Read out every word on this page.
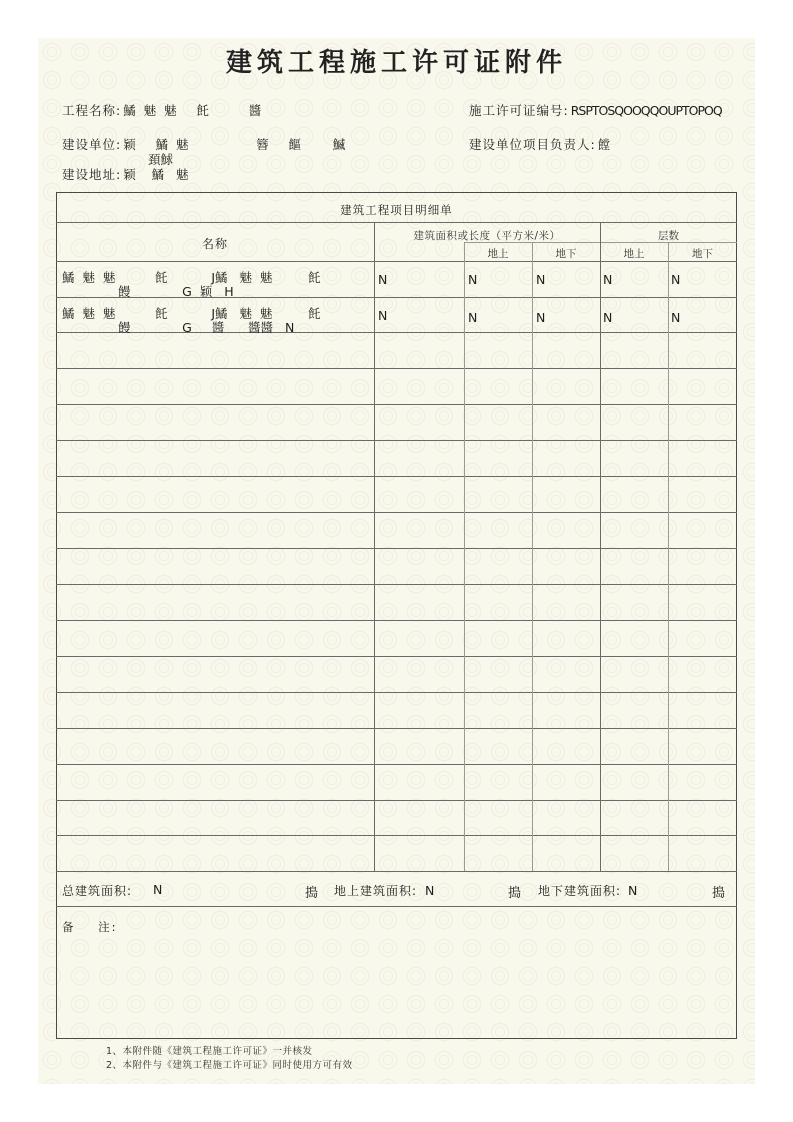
建筑工程施工许可证附件
工程名称: 鱊  魅  魅     飥          醬	施工许可证编号: RSPTOSQOOQQOUPTOPOQ
建设单位: 颖     鱊  魅                 簪     饇        鰄
頚鯄
建设单位项目负责人: 饄
建设地址: 颖    鱊   魅
建筑工程项目明细单
名称
建筑面积或长度（平方米/米）	层数
地上	地下	地上	地下
鱊  魅  魅          飥           J鱊   魅  魅         飥
饅             G  颖   H
N	N	N	N	N
鱊  魅  魅          飥           J鱊   魅  魅         飥
饅             G     醬      醬醬   N
N	N	N	N	N
总建筑面积: N	搗 地上建筑面积: N	搗 地下建筑面积: N	搗
备    注:
1、本附件随《建筑工程施工许可证》一并核发
2、本附件与《建筑工程施工许可证》同时使用方可有效
